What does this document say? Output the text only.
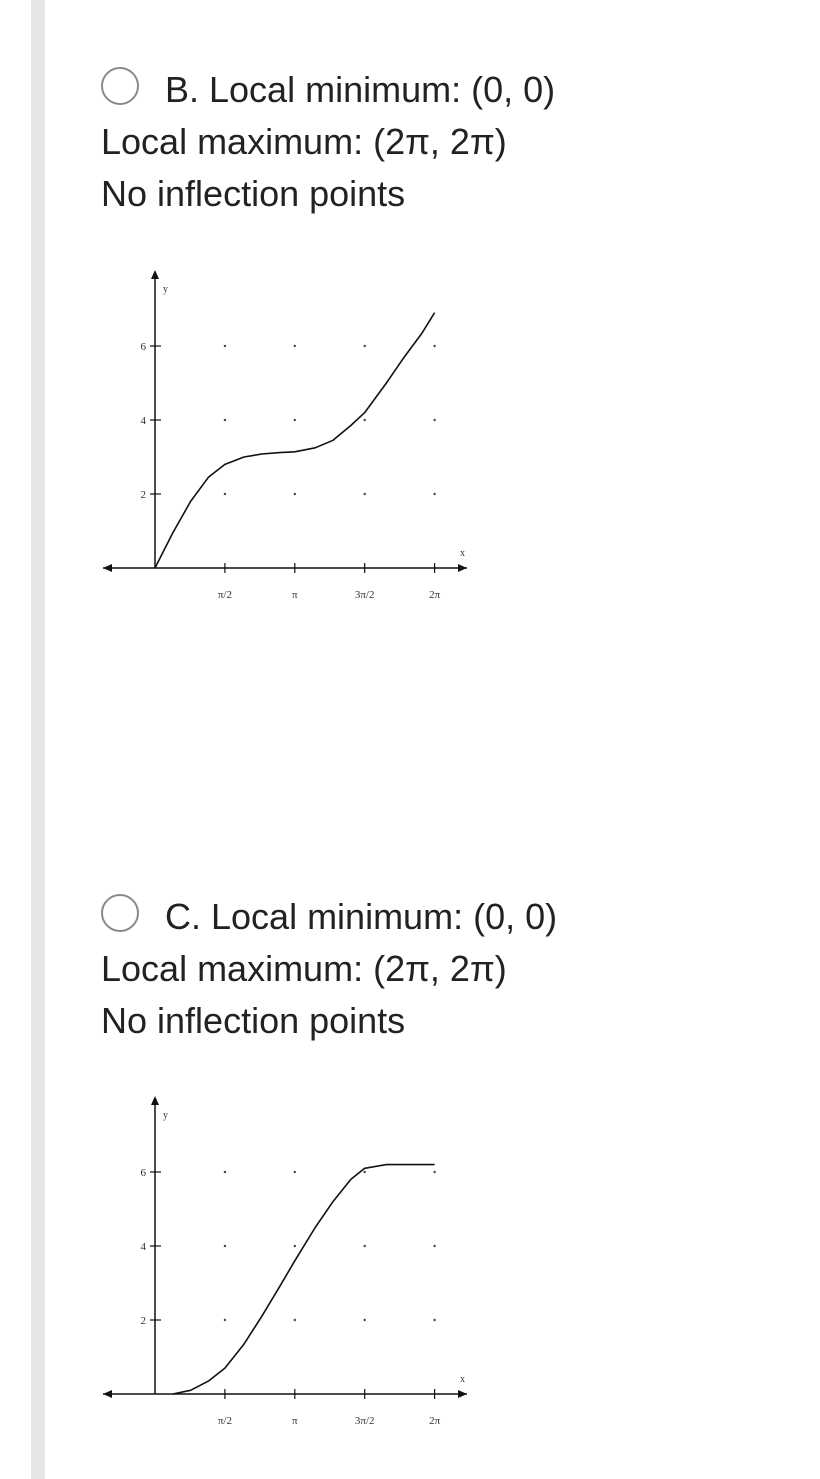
B. Local minimum: (0, 0)
Local maximum: (2π, 2π)
No inflection points
x
y
π/2	π	3π/2	2π
2
4
6
C. Local minimum: (0, 0)
Local maximum: (2π, 2π)
No inflection points
x
y
π/2	π	3π/2	2π
2
4
6
